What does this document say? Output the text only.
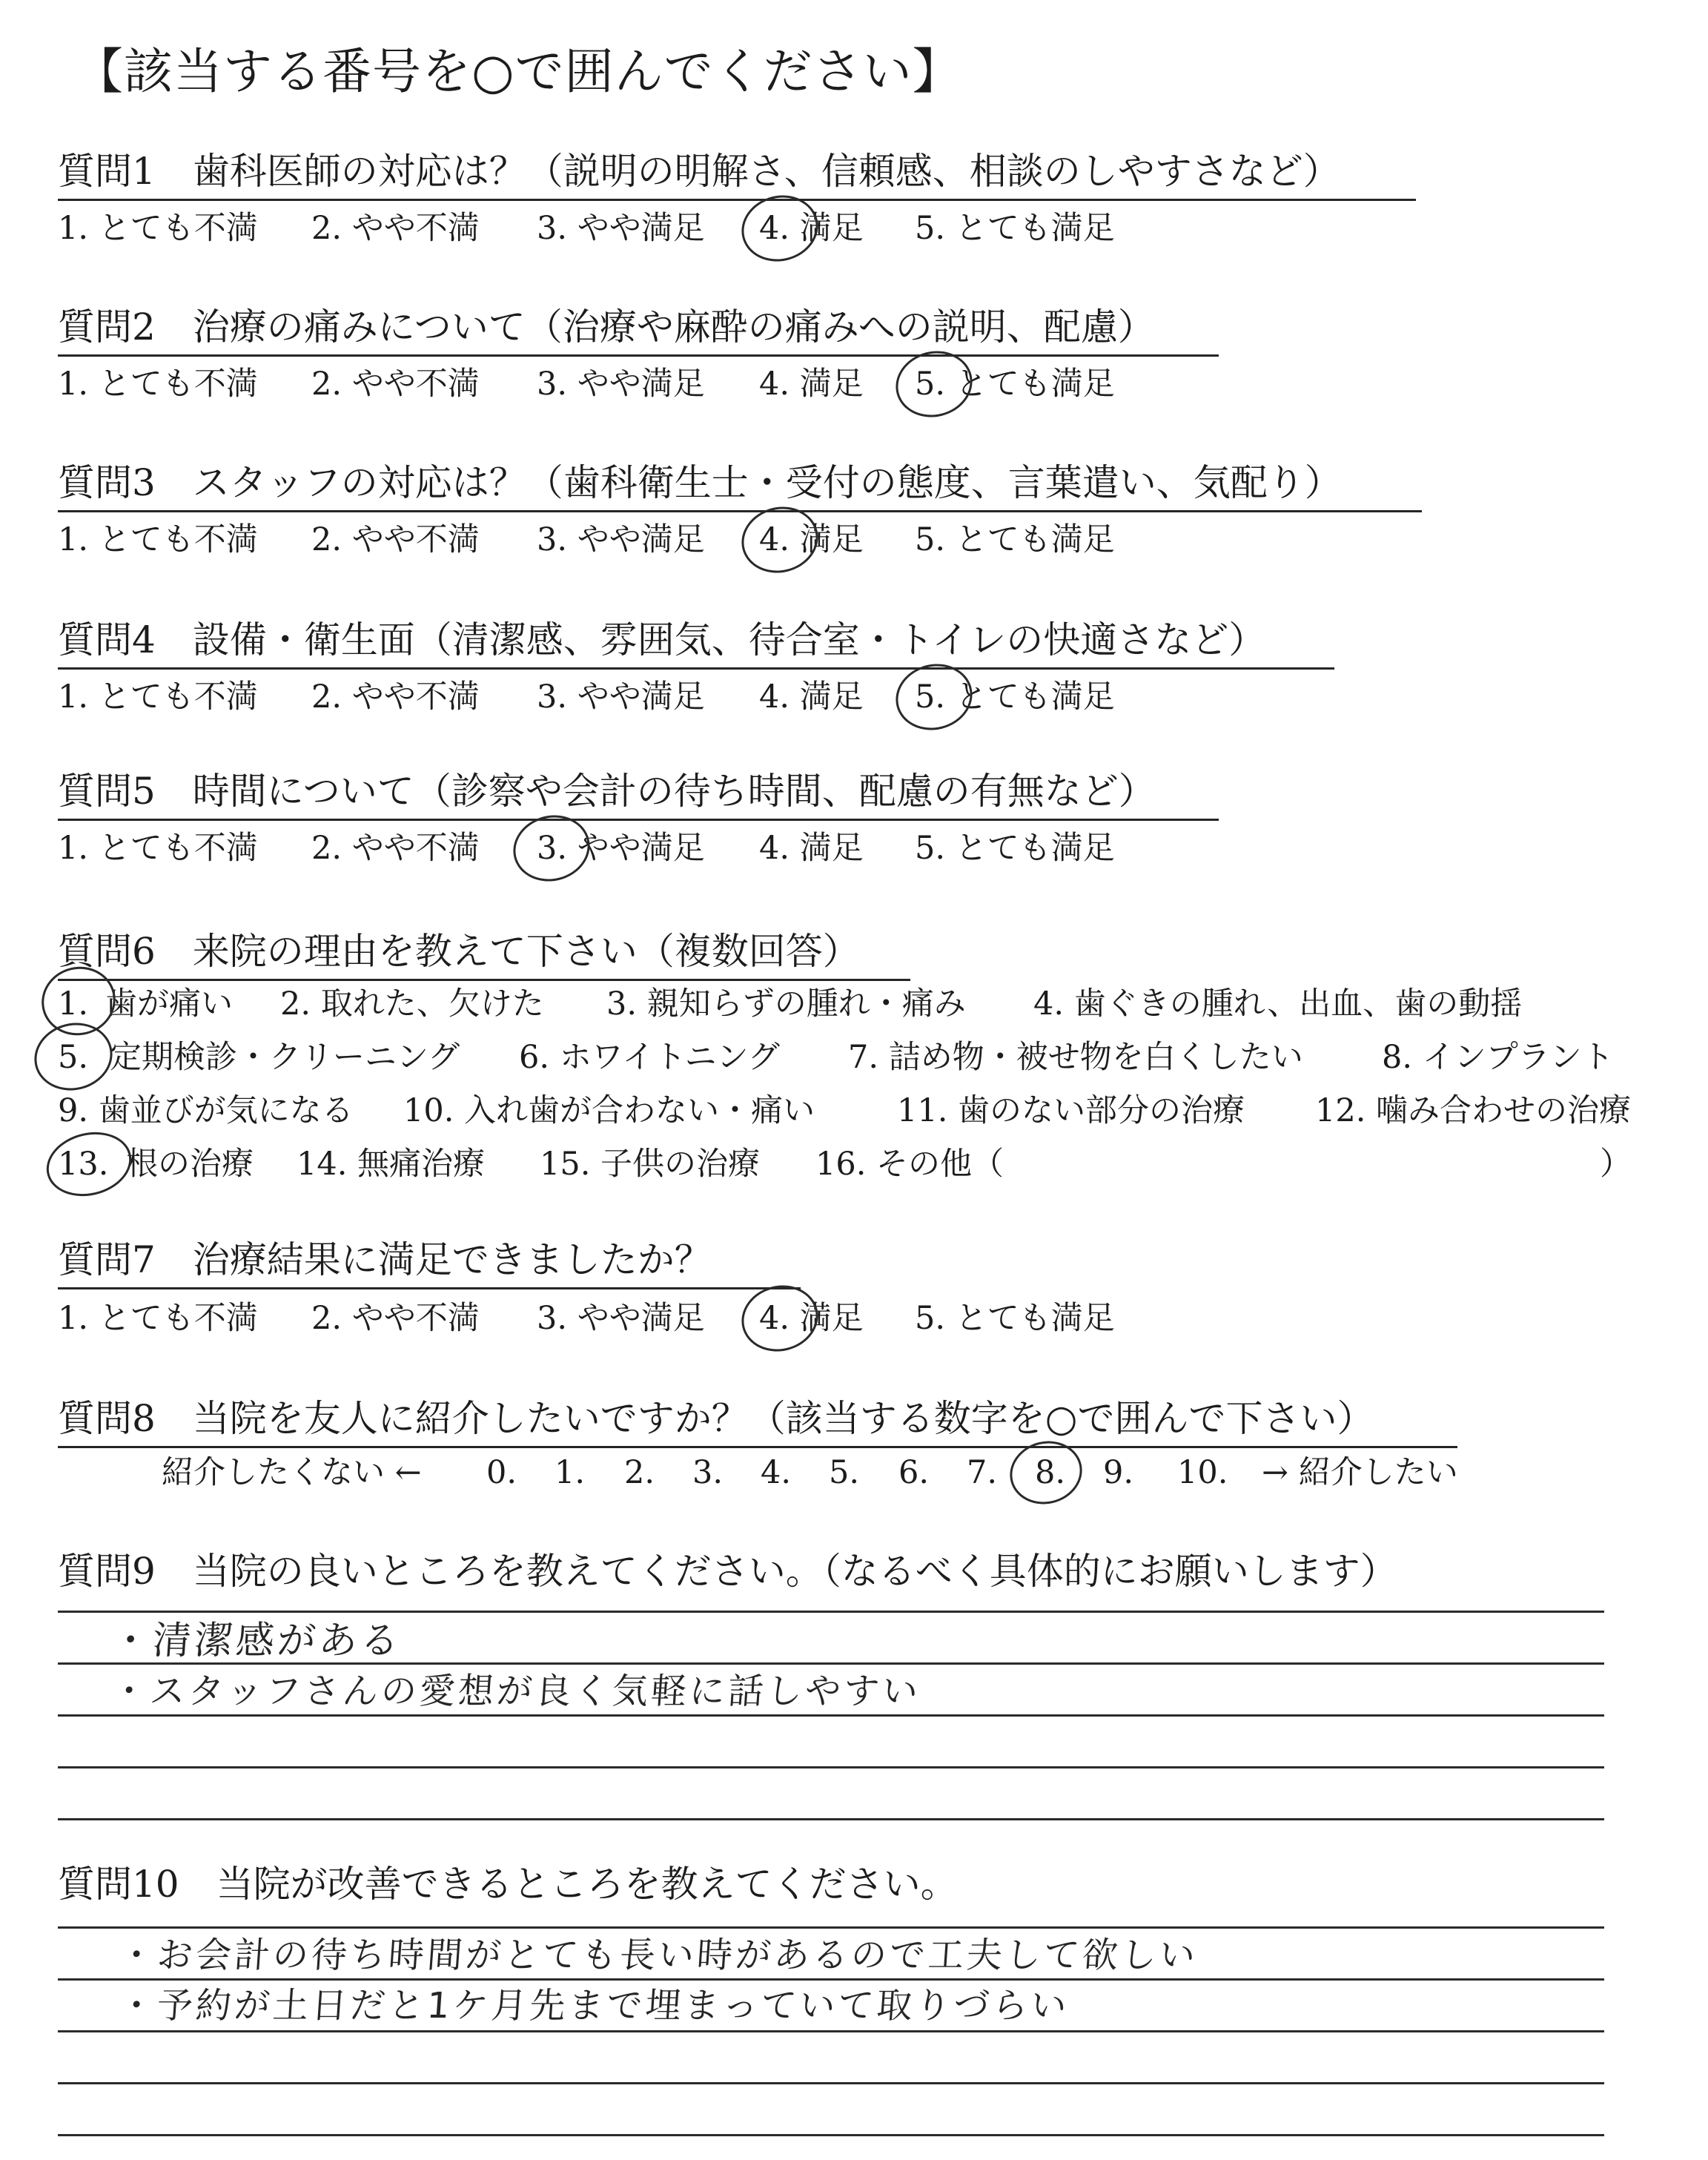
【該当する番号を○で囲んでください】
質問1　歯科医師の対応は？（説明の明解さ、信頼感、相談のしやすさなど）
1. とても不満 2. やや不満 3. やや満足 4. 満足 5. とても満足
質問2　治療の痛みについて（治療や麻酔の痛みへの説明、配慮）
1. とても不満 2. やや不満 3. やや満足 4. 満足 5. とても満足
質問3　スタッフの対応は？（歯科衛生士・受付の態度、言葉遣い、気配り）
1. とても不満 2. やや不満 3. やや満足 4. 満足 5. とても満足
質問4　設備・衛生面（清潔感、雰囲気、待合室・トイレの快適さなど）
1. とても不満 2. やや不満 3. やや満足 4. 満足 5. とても満足
質問5　時間について（診察や会計の待ち時間、配慮の有無など）
1. とても不満 2. やや不満 3. やや満足 4. 満足 5. とても満足
質問6　来院の理由を教えて下さい（複数回答）
1. 歯が痛い 2. 取れた、欠けた 3. 親知らずの腫れ・痛み 4. 歯ぐきの腫れ、出血、歯の動揺
5. 定期検診・クリーニング 6. ホワイトニング 7. 詰め物・被せ物を白くしたい 8. インプラント
9. 歯並びが気になる 10. 入れ歯が合わない・痛い	11. 歯のない部分の治療 12. 噛み合わせの治療
13. 根の治療 14. 無痛治療 15. 子供の治療 16. その他（	）
質問7　治療結果に満足できましたか？
1. とても不満 2. やや不満 3. やや満足 4. 満足 5. とても満足
質問8　当院を友人に紹介したいですか？（該当する数字を○で囲んで下さい）
紹介したくない ← 0. 1. 2. 3. 4. 5. 6. 7. 8. 9. 10. → 紹介したい
質問9　当院の良いところを教えてください。（なるべく具体的にお願いします）
・清潔感がある
・スタッフさんの愛想が良く気軽に話しやすい
質問10　当院が改善できるところを教えてください。
・お会計の待ち時間がとても長い時があるので工夫して欲しい
・予約が土日だと1ケ月先まで埋まっていて取りづらい
